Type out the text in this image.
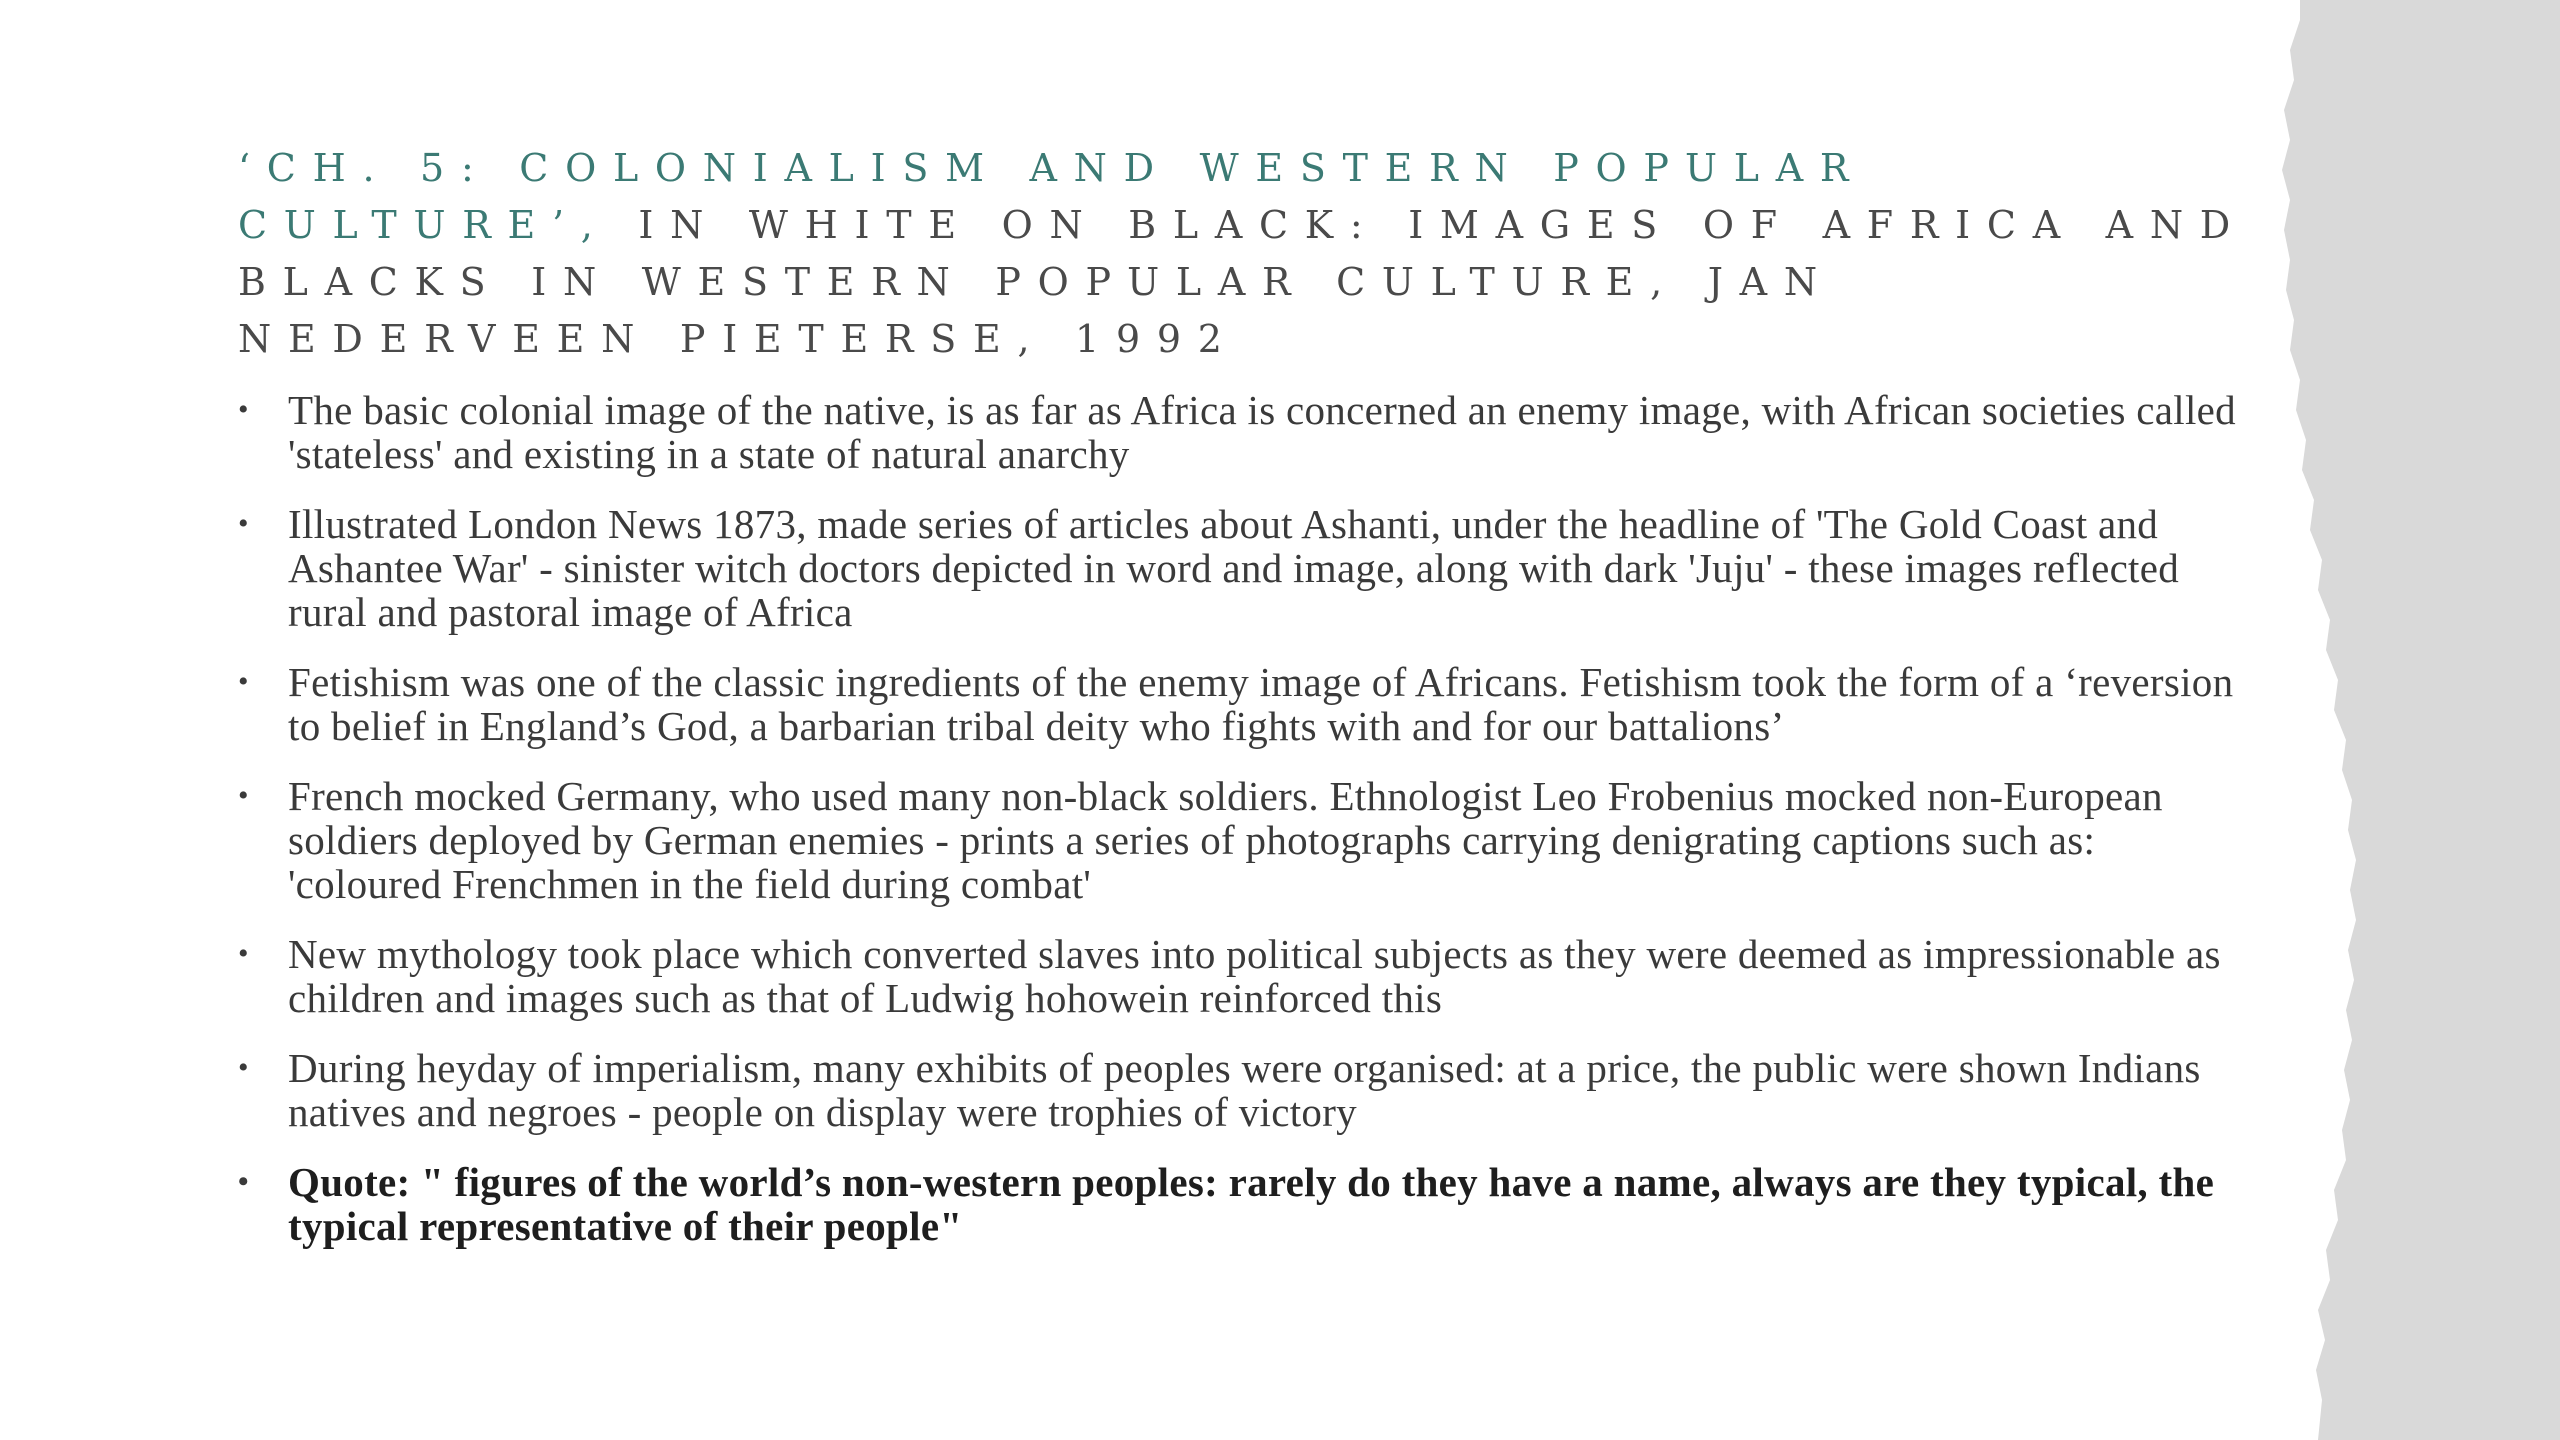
‘CH. 5: COLONIALISM AND WESTERN POPULAR CULTURE’, IN WHITE ON BLACK: IMAGES OF AFRICA AND BLACKS IN WESTERN POPULAR CULTURE, JAN NEDERVEEN PIETERSE, 1992
• The basic colonial image of the native, is as far as Africa is concerned an enemy image, with African societies called 'stateless' and existing in a state of natural anarchy
• Illustrated London News 1873, made series of articles about Ashanti, under the headline of 'The Gold Coast and Ashantee War' - sinister witch doctors depicted in word and image, along with dark 'Juju' - these images reflected rural and pastoral image of Africa
• Fetishism was one of the classic ingredients of the enemy image of Africans. Fetishism took the form of a ‘reversion to belief in England’s God, a barbarian tribal deity who fights with and for our battalions’
• French mocked Germany, who used many non-black soldiers. Ethnologist Leo Frobenius mocked non-European soldiers deployed by German enemies - prints a series of photographs carrying denigrating captions such as: 'coloured Frenchmen in the field during combat'
• New mythology took place which converted slaves into political subjects as they were deemed as impressionable as children and images such as that of Ludwig hohowein reinforced this
• During heyday of imperialism, many exhibits of peoples were organised: at a price, the public were shown Indians natives and negroes - people on display were trophies of victory
• Quote: " figures of the world’s non-western peoples: rarely do they have a name, always are they typical, the typical representative of their people"
